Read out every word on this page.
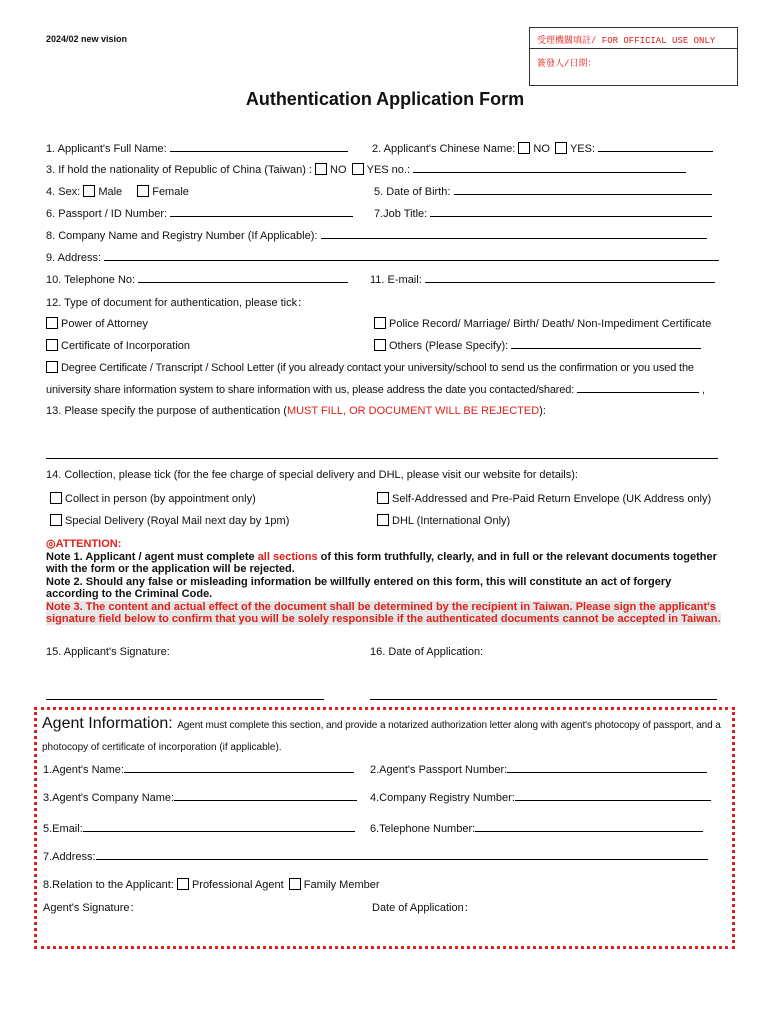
2024/02 new vision	受理機關填註/ FOR OFFICIAL USE ONLY
簽發人/日期：
Authentication Application Form
1. Applicant's Full Name:	2. Applicant's Chinese Name: NO YES:
3. If hold the nationality of Republic of China (Taiwan) : NO YES no.:
4. Sex: Male	Female	5. Date of Birth:
6. Passport / ID Number:	7.Job Title:
8. Company Name and Registry Number (If Applicable):
9. Address:
10. Telephone No:	11. E-mail:
12. Type of document for authentication, please tick：
Power of Attorney	Police Record/ Marriage/ Birth/ Death/ Non-Impediment Certificate
Certificate of Incorporation	Others (Please Specify):
Degree Certificate / Transcript / School Letter (if you already contact your university/school to send us the confirmation or you used the
university share information system to share information with us, please address the date you contacted/shared:	,
13. Please specify the purpose of authentication (MUST FILL, OR DOCUMENT WILL BE REJECTED):
14. Collection, please tick (for the fee charge of special delivery and DHL, please visit our website for details):
Collect in person (by appointment only)	Self-Addressed and Pre-Paid Return Envelope (UK Address only)
Special Delivery (Royal Mail next day by 1pm)	DHL (International Only)
◎ATTENTION:
Note 1. Applicant / agent must complete all sections of this form truthfully, clearly, and in full or the relevant documents together with the form or the application will be rejected.
Note 2. Should any false or misleading information be willfully entered on this form, this will constitute an act of forgery according to the Criminal Code.
Note 3. The content and actual effect of the document shall be determined by the recipient in Taiwan. Please sign the applicant's signature field below to confirm that you will be solely responsible if the authenticated documents cannot be accepted in Taiwan.
15. Applicant's Signature:	16. Date of Application:
Agent Information: Agent must complete this section, and provide a notarized authorization letter along with agent's photocopy of passport, and a
photocopy of certificate of incorporation (if applicable).
1.Agent's Name:	2.Agent's Passport Number:
3.Agent's Company Name:	4.Company Registry Number:
5.Email:	6.Telephone Number:
7.Address:
8.Relation to the Applicant: Professional Agent Family Member
Agent's Signature：	Date of Application：
